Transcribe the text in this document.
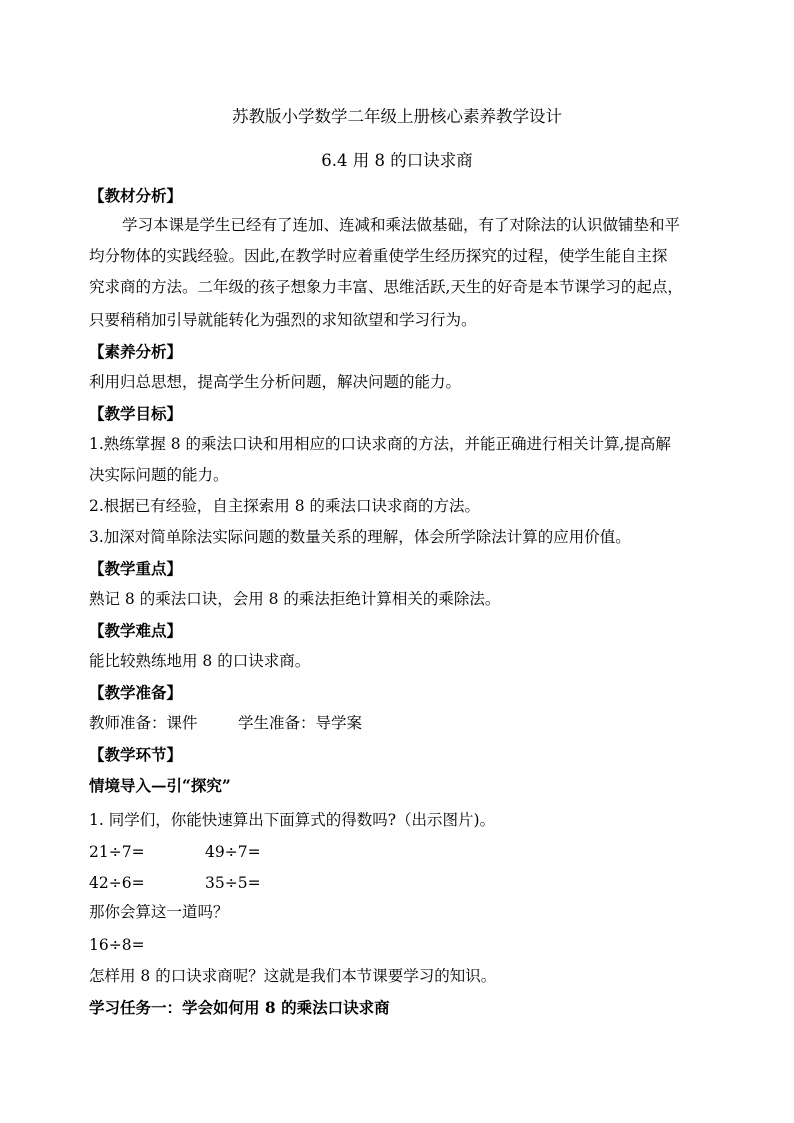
苏教版小学数学二年级上册核心素养教学设计
6.4 用 8 的口诀求商
【教材分析】
学习本课是学生已经有了连加、连减和乘法做基础，有了对除法的认识做铺垫和平
均分物体的实践经验。因此,在教学时应着重使学生经历探究的过程，使学生能自主探
究求商的方法。二年级的孩子想象力丰富、思维活跃,天生的好奇是本节课学习的起点，
只要稍稍加引导就能转化为强烈的求知欲望和学习行为。
【素养分析】
利用归总思想，提高学生分析问题，解决问题的能力。
【教学目标】
1.熟练掌握 8 的乘法口诀和用相应的口诀求商的方法，并能正确进行相关计算,提高解
决实际问题的能力。
2.根据已有经验，自主探索用 8 的乘法口诀求商的方法。
3.加深对简单除法实际问题的数量关系的理解，体会所学除法计算的应用价值。
【教学重点】
熟记 8 的乘法口诀，会用 8 的乘法拒绝计算相关的乘除法。
【教学难点】
能比较熟练地用 8 的口诀求商。
【教学准备】
教师准备：课件	学生准备：导学案
【教学环节】
情境导入—引“探究”
1. 同学们，你能快速算出下面算式的得数吗?（出示图片)。
21÷7=	49÷7=
42÷6=	35÷5=
那你会算这一道吗？
16÷8=
怎样用 8 的口诀求商呢？这就是我们本节课要学习的知识。
学习任务一：学会如何用 8 的乘法口诀求商
